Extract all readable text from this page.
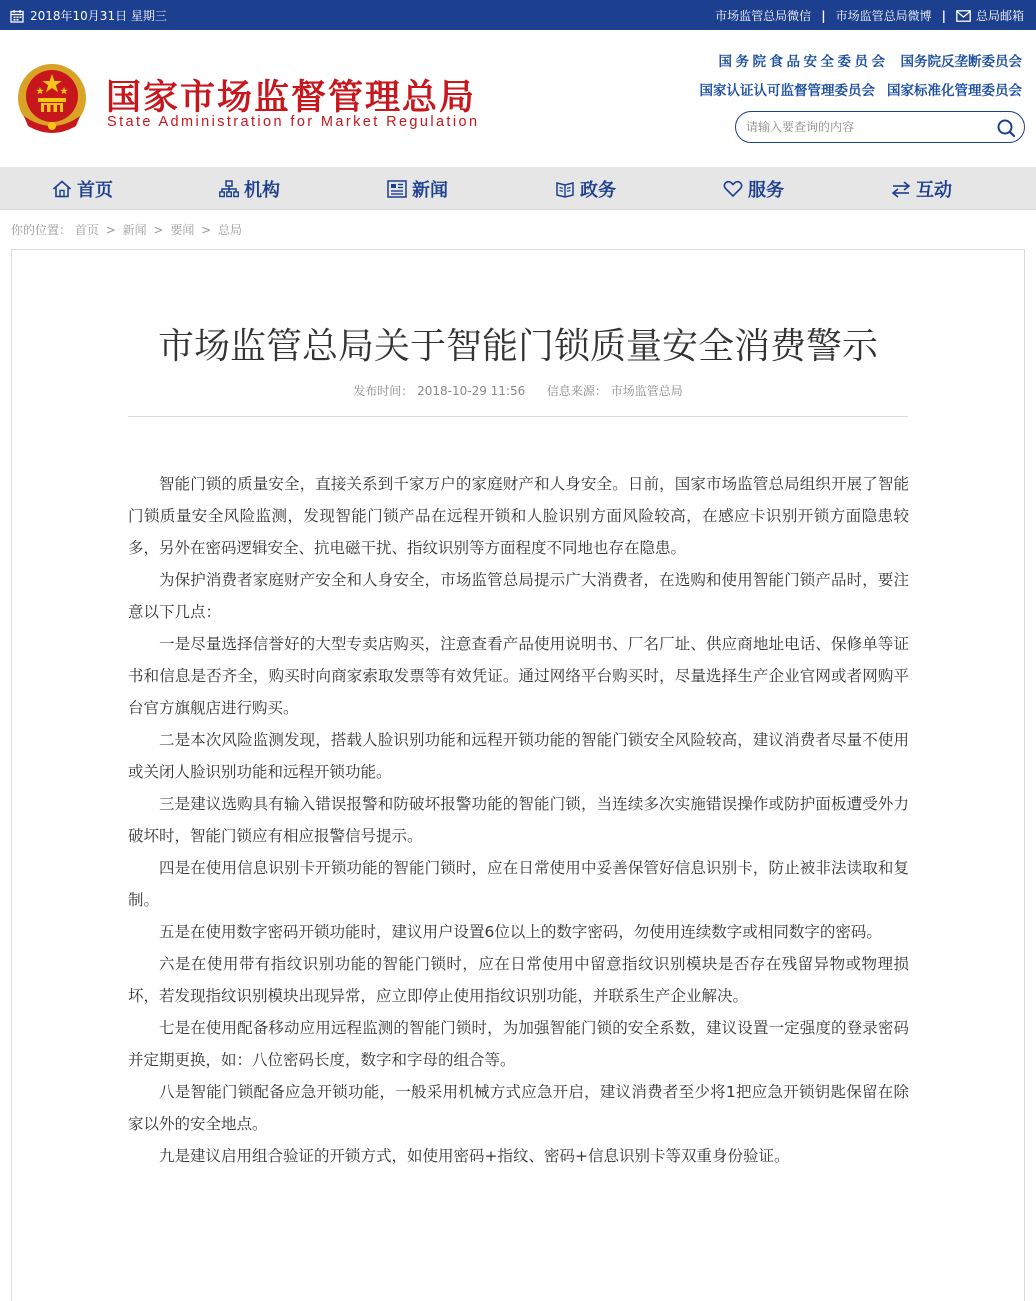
2018年10月31日 星期三	市场监管总局微信 | 市场监管总局微博 |	总局邮箱
国家市场监督管理总局
State Administration for Market Regulation
国务院食品安全委员会 国务院反垄断委员会
国家认证认可监督管理委员会 国家标准化管理委员会
请输入要查询的内容
首页	机构	新闻	政务	服务	互动
你的位置： 首页 > 新闻 > 要闻 > 总局
市场监管总局关于智能门锁质量安全消费警示
发布时间： 2018-10-29 11:56 信息来源： 市场监管总局

智能门锁的质量安全，直接关系到千家万户的家庭财产和人身安全。日前，国家市场监管总局组织开展了智能门锁质量安全风险监测，发现智能门锁产品在远程开锁和人脸识别方面风险较高，在感应卡识别开锁方面隐患较多，另外在密码逻辑安全、抗电磁干扰、指纹识别等方面程度不同地也存在隐患。

为保护消费者家庭财产安全和人身安全，市场监管总局提示广大消费者，在选购和使用智能门锁产品时，要注意以下几点：

一是尽量选择信誉好的大型专卖店购买，注意查看产品使用说明书、厂名厂址、供应商地址电话、保修单等证书和信息是否齐全，购买时向商家索取发票等有效凭证。通过网络平台购买时，尽量选择生产企业官网或者网购平台官方旗舰店进行购买。

二是本次风险监测发现，搭载人脸识别功能和远程开锁功能的智能门锁安全风险较高，建议消费者尽量不使用或关闭人脸识别功能和远程开锁功能。

三是建议选购具有输入错误报警和防破坏报警功能的智能门锁，当连续多次实施错误操作或防护面板遭受外力破坏时，智能门锁应有相应报警信号提示。

四是在使用信息识别卡开锁功能的智能门锁时，应在日常使用中妥善保管好信息识别卡，防止被非法读取和复制。

五是在使用数字密码开锁功能时，建议用户设置6位以上的数字密码，勿使用连续数字或相同数字的密码。

六是在使用带有指纹识别功能的智能门锁时，应在日常使用中留意指纹识别模块是否存在残留异物或物理损坏，若发现指纹识别模块出现异常，应立即停止使用指纹识别功能，并联系生产企业解决。

七是在使用配备移动应用远程监测的智能门锁时，为加强智能门锁的安全系数，建议设置一定强度的登录密码并定期更换，如：八位密码长度，数字和字母的组合等。

八是智能门锁配备应急开锁功能，一般采用机械方式应急开启，建议消费者至少将1把应急开锁钥匙保留在除家以外的安全地点。

九是建议启用组合验证的开锁方式，如使用密码+指纹、密码+信息识别卡等双重身份验证。
